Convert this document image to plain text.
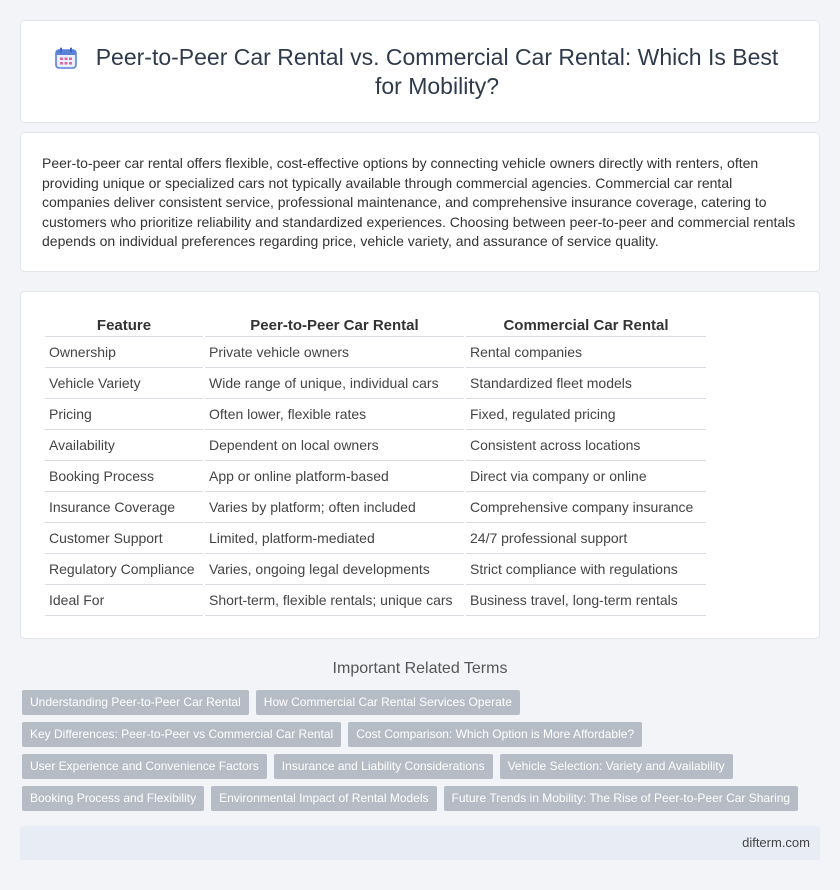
Peer-to-Peer Car Rental vs. Commercial Car Rental: Which Is Best for Mobility?

Peer-to-peer car rental offers flexible, cost-effective options by connecting vehicle owners directly with renters, often providing unique or specialized cars not typically available through commercial agencies. Commercial car rental companies deliver consistent service, professional maintenance, and comprehensive insurance coverage, catering to customers who prioritize reliability and standardized experiences. Choosing between peer-to-peer and commercial rentals depends on individual preferences regarding price, vehicle variety, and assurance of service quality.

Feature	Peer-to-Peer Car Rental	Commercial Car Rental
Ownership	Private vehicle owners	Rental companies
Vehicle Variety	Wide range of unique, individual cars	Standardized fleet models
Pricing	Often lower, flexible rates	Fixed, regulated pricing
Availability	Dependent on local owners	Consistent across locations
Booking Process	App or online platform-based	Direct via company or online
Insurance Coverage	Varies by platform; often included	Comprehensive company insurance
Customer Support	Limited, platform-mediated	24/7 professional support
Regulatory Compliance	Varies, ongoing legal developments	Strict compliance with regulations
Ideal For	Short-term, flexible rentals; unique cars	Business travel, long-term rentals
Important Related Terms
Understanding Peer-to-Peer Car Rental	How Commercial Car Rental Services Operate
Key Differences: Peer-to-Peer vs Commercial Car Rental	Cost Comparison: Which Option is More Affordable?
User Experience and Convenience Factors	Insurance and Liability Considerations	Vehicle Selection: Variety and Availability
Booking Process and Flexibility	Environmental Impact of Rental Models	Future Trends in Mobility: The Rise of Peer-to-Peer Car Sharing
difterm.com
